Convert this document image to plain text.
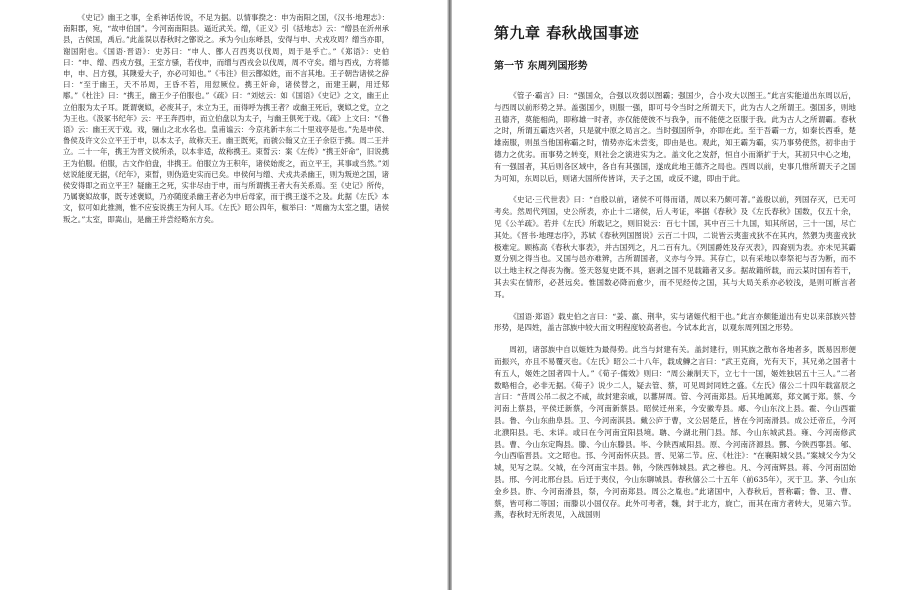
《史记》幽王之事，全系神话传说，不足为据。以情事揆之：申为南阳之国，《汉书·地理志》：南阳郡，宛，“故申伯国”。今河南南阳县。逼近武关。缯，《正义》引《括地志》云：“缯县在沂州承县，古侯国，禹后。”此盖误以春秋时之鄫说之。承为今山东峄县，安得与申、犬戎攻周？缯当亦即，谢国附也。《国语·晋语》：史苏曰：“申人、鄫人召西夷以伐周，周于是乎亡。”《郑语》：史伯曰：“申、缯、西戎方强，王室方骚，若伐申，而缯与西戎会以伐周，周不守矣。缯与西戎，方将德申，申、吕方强，其隩爱大子，亦必可知也。”《韦注》但云鄫姒姓，而不言其地。王子朝告诸侯之辞曰：“至于幽王，天不吊周，王昏不若，用愆厥位。携王奸命，诸侯替之，而建王嗣，用迁郏鄏。”《杜注》曰：“携王，幽王少子伯服也。”《疏》曰：“刘炫云：如《国语》《史记》之文，幽王止立伯服为太子耳。既谓褒姒，必废其子，未立为王，而得呼为携王者？或幽王死后，褒姒之党，立之为王也。《汲冢书纪年》云：平王奔西申，而立伯盘以为太子，与幽王俱死于戏。《疏》上文曰：“《鲁语》云：幽王灭于戏。戏，骊山之北水名也。皇甫谧云：今京兆新丰东二十里戏亭是也。”先是申侯、鲁侯及许文公立平王于申，以本太子，故称天王。幽王既死，而虢公翰又立王子余臣于携。周二王并立。二十一年，携王为晋文侯所杀，以本非适，故称携王。束皙云：案《左传》“携王奸命”，旧说携王为伯服。伯服，古文作伯盘，非携王。伯服立为王积年，诸侯始废之，而立平王，其事或当然。”刘炫说能度无据，《纪年》，束晳，则伪造史实而已矣。申侯何与缯、犬戎共杀幽王，则为叛逆之国，诸侯安得即之而立平王？疑幽王之死，实非尽由于申，而与所谓携王者大有关系焉。至《史记》所传，乃属褒姒故事，既专述褒姒，乃亦随度杀幽王者必为申后母家，而于携王遂不之及。此据《左氏》本文，似可如此推测，惟不应妄说携王为何人耳。《左氏》昭公四年，椒举曰：“周幽为太室之盟，诸侯叛之。”太室，即嵩山，是幽王并尝经略东方矣。

第九章 春秋战国事迹
第一节 东周列国形势

《管子·霸言》曰：“强国众，合强以攻弱以图霸；强国少，合小攻大以图王。”此言实能道出东周以后，与西周以前形势之异。盖强国少，则服一强，即可号令当时之所谓天下，此为古人之所谓王。强国多，则地丑德齐，莫能相尚，即称雄一时者，亦仅能使彼不与我争，而不能使之臣服于我。此为古人之所谓霸。春秋之时，所谓五霸迭兴者，只是就中原之局言之。当时强国所争，亦即在此。至于吾霸一方，如秦长西垂，楚雄南服，则虽当他国称霸之时，情势亦迄未尝变，即由是也。观此，知王霸为霸，实乃事势使然，初非由于德力之优劣。而事势之转变，则社会之演进实为之。盖文化之发舒，恒自小而渐扩于大，其初只中心之地，有一强国者，其后则各区域中，各自有其强国，遂成此地王德齐之局也。西周以前，史事几惟所谓天子之国为可知，东周以后，则诸大国所传皆详，天子之国，或反不逮，即由于此。

《史记·三代世表》曰：“自殷以前，诸侯不可得而谱，周以来乃颇可著。”盖殷以前，列国存灭，已无可考矣。然周代列国，史公所表，亦止十二诸侯，后人考证，率据《春秋》及《左氏春秋》国数，仅五十余，见《公羊疏》。若并《左氏》所载记之，则旧说云：百七十国，其中百三十九国，知其所居，三十一国，尽亡其处。《晋书·地理志序》，苏轼《春秋列国图说》云百二十四，二说皆云夷蛮戎狄不在其内，然猥为夷蛮戎狄极难定。顾栋高《春秋大事表》，并古国列之，凡二百有九。《列国爵姓及存灭表》，四裔别为表。亦未见其霸夏分别之得当也。又国与邑亦难辨，古所谓国者，义亦与今异。其存亡，以有采地以奉祭祀与否为断，而不以土地主权之得丧为衡。签天怒复史既不具，寤剥之国不见载籍者又多。据故籍所载，而云某时国有若干，其去实在情形，必甚远矣。惟国数必降而愈少，而不见经传之国，其与大局关系亦必较浅，是则可断言者耳。

《国语·郑语》载史伯之言曰：“姜、嬴、荆芈，实与诸姬代相干也。”此言亦颇能道出有史以来部族兴替形势，是四姓，盖古部族中较大而文明程度较高者也。今试本此言，以观东周列国之形势。

周初，诸部族中自以姬姓为最得势。此当与封建有关。盖封建行，则其族之散布各地者多，既易因形便而振兴，亦且不易覆灭也。《左氏》昭公二十八年，载成鱄之言曰：“武王克商，光有天下，其兄弟之国者十有五人，姬姓之国者四十人。”《荀子·儒效》则曰：“周公兼制天下，立七十一国，姬姓独居五十三人。”二者数略相合，必非无据。《荀子》说少二人，疑去管、蔡，可见周封同姓之盛。《左氏》僖公二十四年载富辰之言曰：“昔周公吊二叔之不咸，故封建亲戚，以蕃屏周。管、今河南郑县。后其地属郑，郑文属于郑。蔡、今河南上蔡县，平侯迁新蔡，今河南新蔡县。昭侯迁州来，今安徽寿县。郕、今山东汶上县。霍、今山西霍县。鲁、今山东曲阜县。卫、今河南淇县。戴公庐于曹，文公居楚丘，皆在今河南滑县。成公迁帝丘，今河北濮阳县。毛、未详。或曰在今河南宜阳县境。聃、今湖北荆门县。郜、今山东城武县。雍、今河南修武县。曹、今山东定陶县。滕、今山东滕县。毕、今陕西咸阳县。原、今河南济源县。酆、今陕西鄠县。郇、今山西临晋县。文之昭也。邘、今河南怀庆县。晋、见第二节。应、《杜注》：“在襄阳城父县。”案城父今为父城，见写之误。父城，在今河南宝丰县。韩，今陕西韩城县。武之穆也。凡、今河南辉县。蒋、今河南固始县。邢、今河北邢台县。后迁于夷仪，今山东聊城县。春秋僖公二十五年（前635年），灭于卫。茅、今山东金乡县。胙、今河南滑县，祭，今河南郑县。周公之胤也。”此诸国中，入春秋后，晋称霸；鲁、卫、曹、蔡，皆可称二等国；而滕以小国仅存。此外可考者，魏，封于北方，旋亡，而其在南方者转大，见第六节。燕，春秋时无所表见，入战国则
